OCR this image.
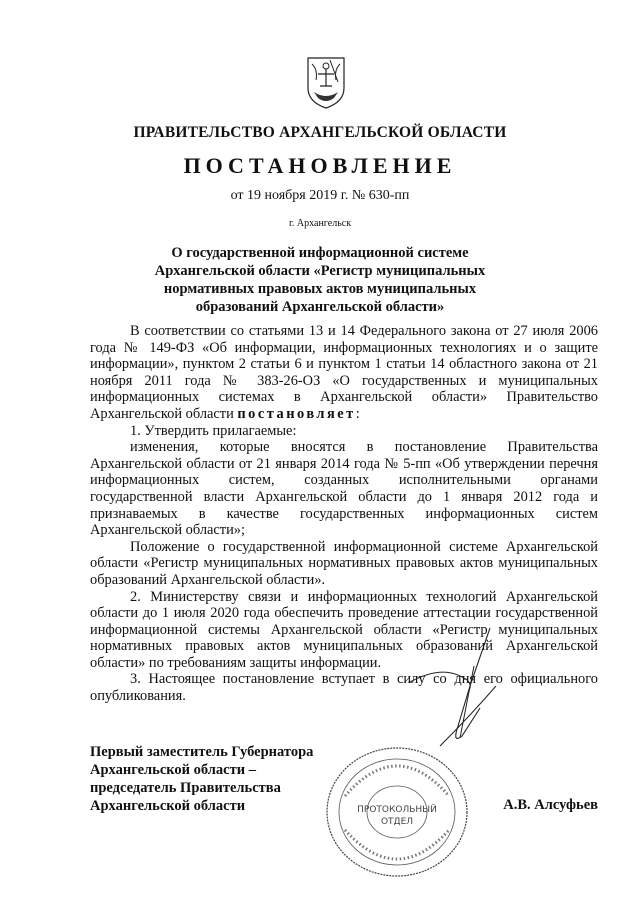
ПРАВИТЕЛЬСТВО АРХАНГЕЛЬСКОЙ ОБЛАСТИ
ПОСТАНОВЛЕНИЕ
от 19 ноября 2019 г. № 630-пп
г. Архангельск
О государственной информационной системе
Архангельской области «Регистр муниципальных
нормативных правовых актов муниципальных
образований Архангельской области»

В соответствии со статьями 13 и 14 Федерального закона от 27 июля 2006 года № 149-ФЗ «Об информации, информационных технологиях и о защите информации», пунктом 2 статьи 6 и пунктом 1 статьи 14 областного закона от 21 ноября 2011 года № 383-26-ОЗ «О государственных и муниципальных информационных системах в Архангельской области» Правительство Архангельской области постановляет:

1. Утвердить прилагаемые:

изменения, которые вносятся в постановление Правительства Архангельской области от 21 января 2014 года № 5-пп «Об утверждении перечня информационных систем, созданных исполнительными органами государственной власти Архангельской области до 1 января 2012 года и признаваемых в качестве государственных информационных систем Архангельской области»;

Положение о государственной информационной системе Архангельской области «Регистр муниципальных нормативных правовых актов муниципальных образований Архангельской области».

2. Министерству связи и информационных технологий Архангельской области до 1 июля 2020 года обеспечить проведение аттестации государственной информационной системы Архангельской области «Регистр муниципальных нормативных правовых актов муниципальных образований Архангельской области» по требованиям защиты информации.

3. Настоящее постановление вступает в силу со дня его официального опубликования.

Первый заместитель Губернатора
Архангельской области –
председатель Правительства
Архангельской области	ПРОТОКОЛЬНЫЙ
ОТДЕЛ
А.В. Алсуфьев
